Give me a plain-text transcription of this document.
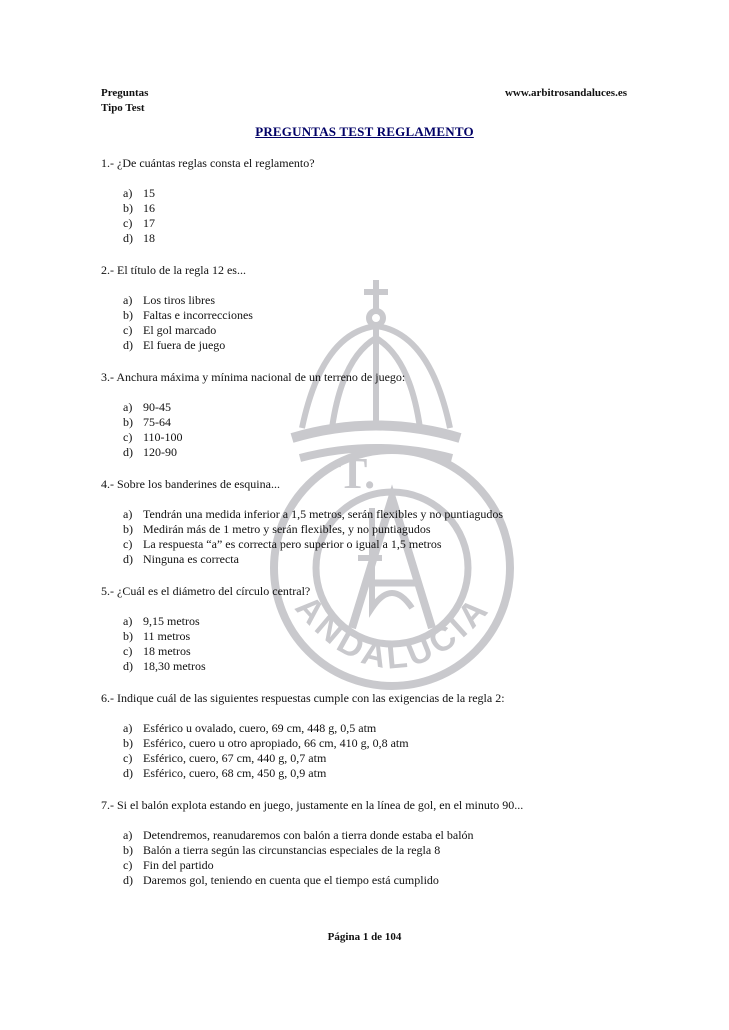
T.
ANDALUCIA
Preguntas
Tipo Test
www.arbitrosandaluces.es
PREGUNTAS TEST REGLAMENTO
1.- ¿De cuántas reglas consta el reglamento?
a) 15
b) 16
c) 17
d) 18
2.- El título de la regla 12 es...
a) Los tiros libres
b) Faltas e incorrecciones
c) El gol marcado
d) El fuera de juego
3.- Anchura máxima y mínima nacional de un terreno de juego:
a) 90-45
b) 75-64
c) 110-100
d) 120-90
4.- Sobre los banderines de esquina...
a) Tendrán una medida inferior a 1,5 metros, serán flexibles y no puntiagudos
b) Medirán más de 1 metro y serán flexibles, y no puntiagudos
c) La respuesta “a” es correcta pero superior o igual a 1,5 metros
d) Ninguna es correcta
5.- ¿Cuál es el diámetro del círculo central?
a) 9,15 metros
b) 11 metros
c) 18 metros
d) 18,30 metros
6.- Indique cuál de las siguientes respuestas cumple con las exigencias de la regla 2:
a) Esférico u ovalado, cuero, 69 cm, 448 g, 0,5 atm
b) Esférico, cuero u otro apropiado, 66 cm, 410 g, 0,8 atm
c) Esférico, cuero, 67 cm, 440 g, 0,7 atm
d) Esférico, cuero, 68 cm, 450 g, 0,9 atm
7.- Si el balón explota estando en juego, justamente en la línea de gol, en el minuto 90...
a) Detendremos, reanudaremos con balón a tierra donde estaba el balón
b) Balón a tierra según las circunstancias especiales de la regla 8
c) Fin del partido
d) Daremos gol, teniendo en cuenta que el tiempo está cumplido
Página 1 de 104
